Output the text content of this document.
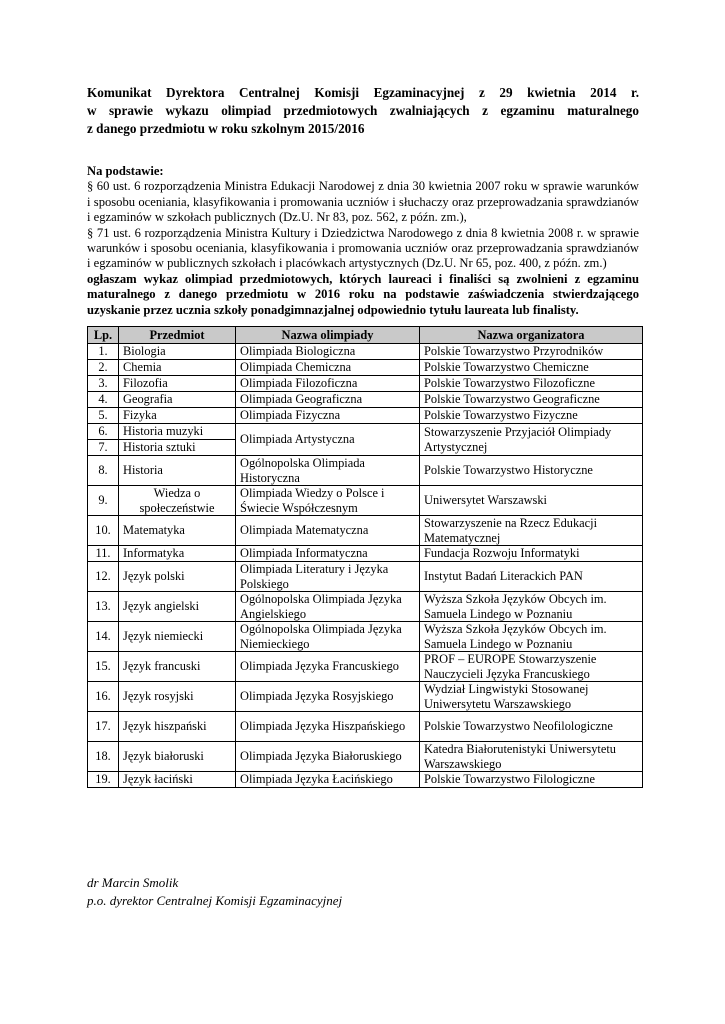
Komunikat Dyrektora Centralnej Komisji Egzaminacyjnej z 29 kwietnia 2014 r.
w sprawie wykazu olimpiad przedmiotowych zwalniających z egzaminu maturalnego
z danego przedmiotu w roku szkolnym 2015/2016

Na podstawie:

§ 60 ust. 6 rozporządzenia Ministra Edukacji Narodowej z dnia 30 kwietnia 2007 roku w sprawie warunków i sposobu oceniania, klasyfikowania i promowania uczniów i słuchaczy oraz przeprowadzania sprawdzianów i egzaminów w szkołach publicznych (Dz.U. Nr 83, poz. 562, z późn. zm.),

§ 71 ust. 6 rozporządzenia Ministra Kultury i Dziedzictwa Narodowego z dnia 8 kwietnia 2008 r. w sprawie warunków i sposobu oceniania, klasyfikowania i promowania uczniów oraz przeprowadzania sprawdzianów i egzaminów w publicznych szkołach i placówkach artystycznych (Dz.U. Nr 65, poz. 400, z późn. zm.)

ogłaszam wykaz olimpiad przedmiotowych, których laureaci i finaliści są zwolnieni z egzaminu maturalnego z danego przedmiotu w 2016 roku na podstawie zaświadczenia stwierdzającego uzyskanie przez ucznia szkoły ponadgimnazjalnej odpowiednio tytułu laureata lub finalisty.

Lp.	Przedmiot	Nazwa olimpiady	Nazwa organizatora
1.	Biologia	Olimpiada Biologiczna	Polskie Towarzystwo Przyrodników
2.	Chemia	Olimpiada Chemiczna	Polskie Towarzystwo Chemiczne
3.	Filozofia	Olimpiada Filozoficzna	Polskie Towarzystwo Filozoficzne
4.	Geografia	Olimpiada Geograficzna	Polskie Towarzystwo Geograficzne
5.	Fizyka	Olimpiada Fizyczna	Polskie Towarzystwo Fizyczne
6.	Historia muzyki	Olimpiada Artystyczna	Stowarzyszenie Przyjaciół Olimpiady Artystycznej
7.	Historia sztuki		
8.	Historia	Ogólnopolska Olimpiada Historyczna	Polskie Towarzystwo Historyczne
9.	Wiedza o społeczeństwie	Olimpiada Wiedzy o Polsce i Świecie Współczesnym	Uniwersytet Warszawski
10.	Matematyka	Olimpiada Matematyczna	Stowarzyszenie na Rzecz Edukacji Matematycznej
11.	Informatyka	Olimpiada Informatyczna	Fundacja Rozwoju Informatyki
12.	Język polski	Olimpiada Literatury i Języka Polskiego	Instytut Badań Literackich PAN
13.	Język angielski	Ogólnopolska Olimpiada Języka Angielskiego	Wyższa Szkoła Języków Obcych im. Samuela Lindego w Poznaniu
14.	Język niemiecki	Ogólnopolska Olimpiada Języka Niemieckiego	Wyższa Szkoła Języków Obcych im. Samuela Lindego w Poznaniu
15.	Język francuski	Olimpiada Języka Francuskiego	PROF – EUROPE Stowarzyszenie Nauczycieli Języka Francuskiego
16.	Język rosyjski	Olimpiada Języka Rosyjskiego	Wydział Lingwistyki Stosowanej Uniwersytetu Warszawskiego
17.	Język hiszpański	Olimpiada Języka Hiszpańskiego	Polskie Towarzystwo Neofilologiczne
18.	Język białoruski	Olimpiada Języka Białoruskiego	Katedra Białorutenistyki Uniwersytetu Warszawskiego
19.	Język łaciński	Olimpiada Języka Łacińskiego	Polskie Towarzystwo Filologiczne
dr Marcin Smolik
p.o. dyrektor Centralnej Komisji Egzaminacyjnej
